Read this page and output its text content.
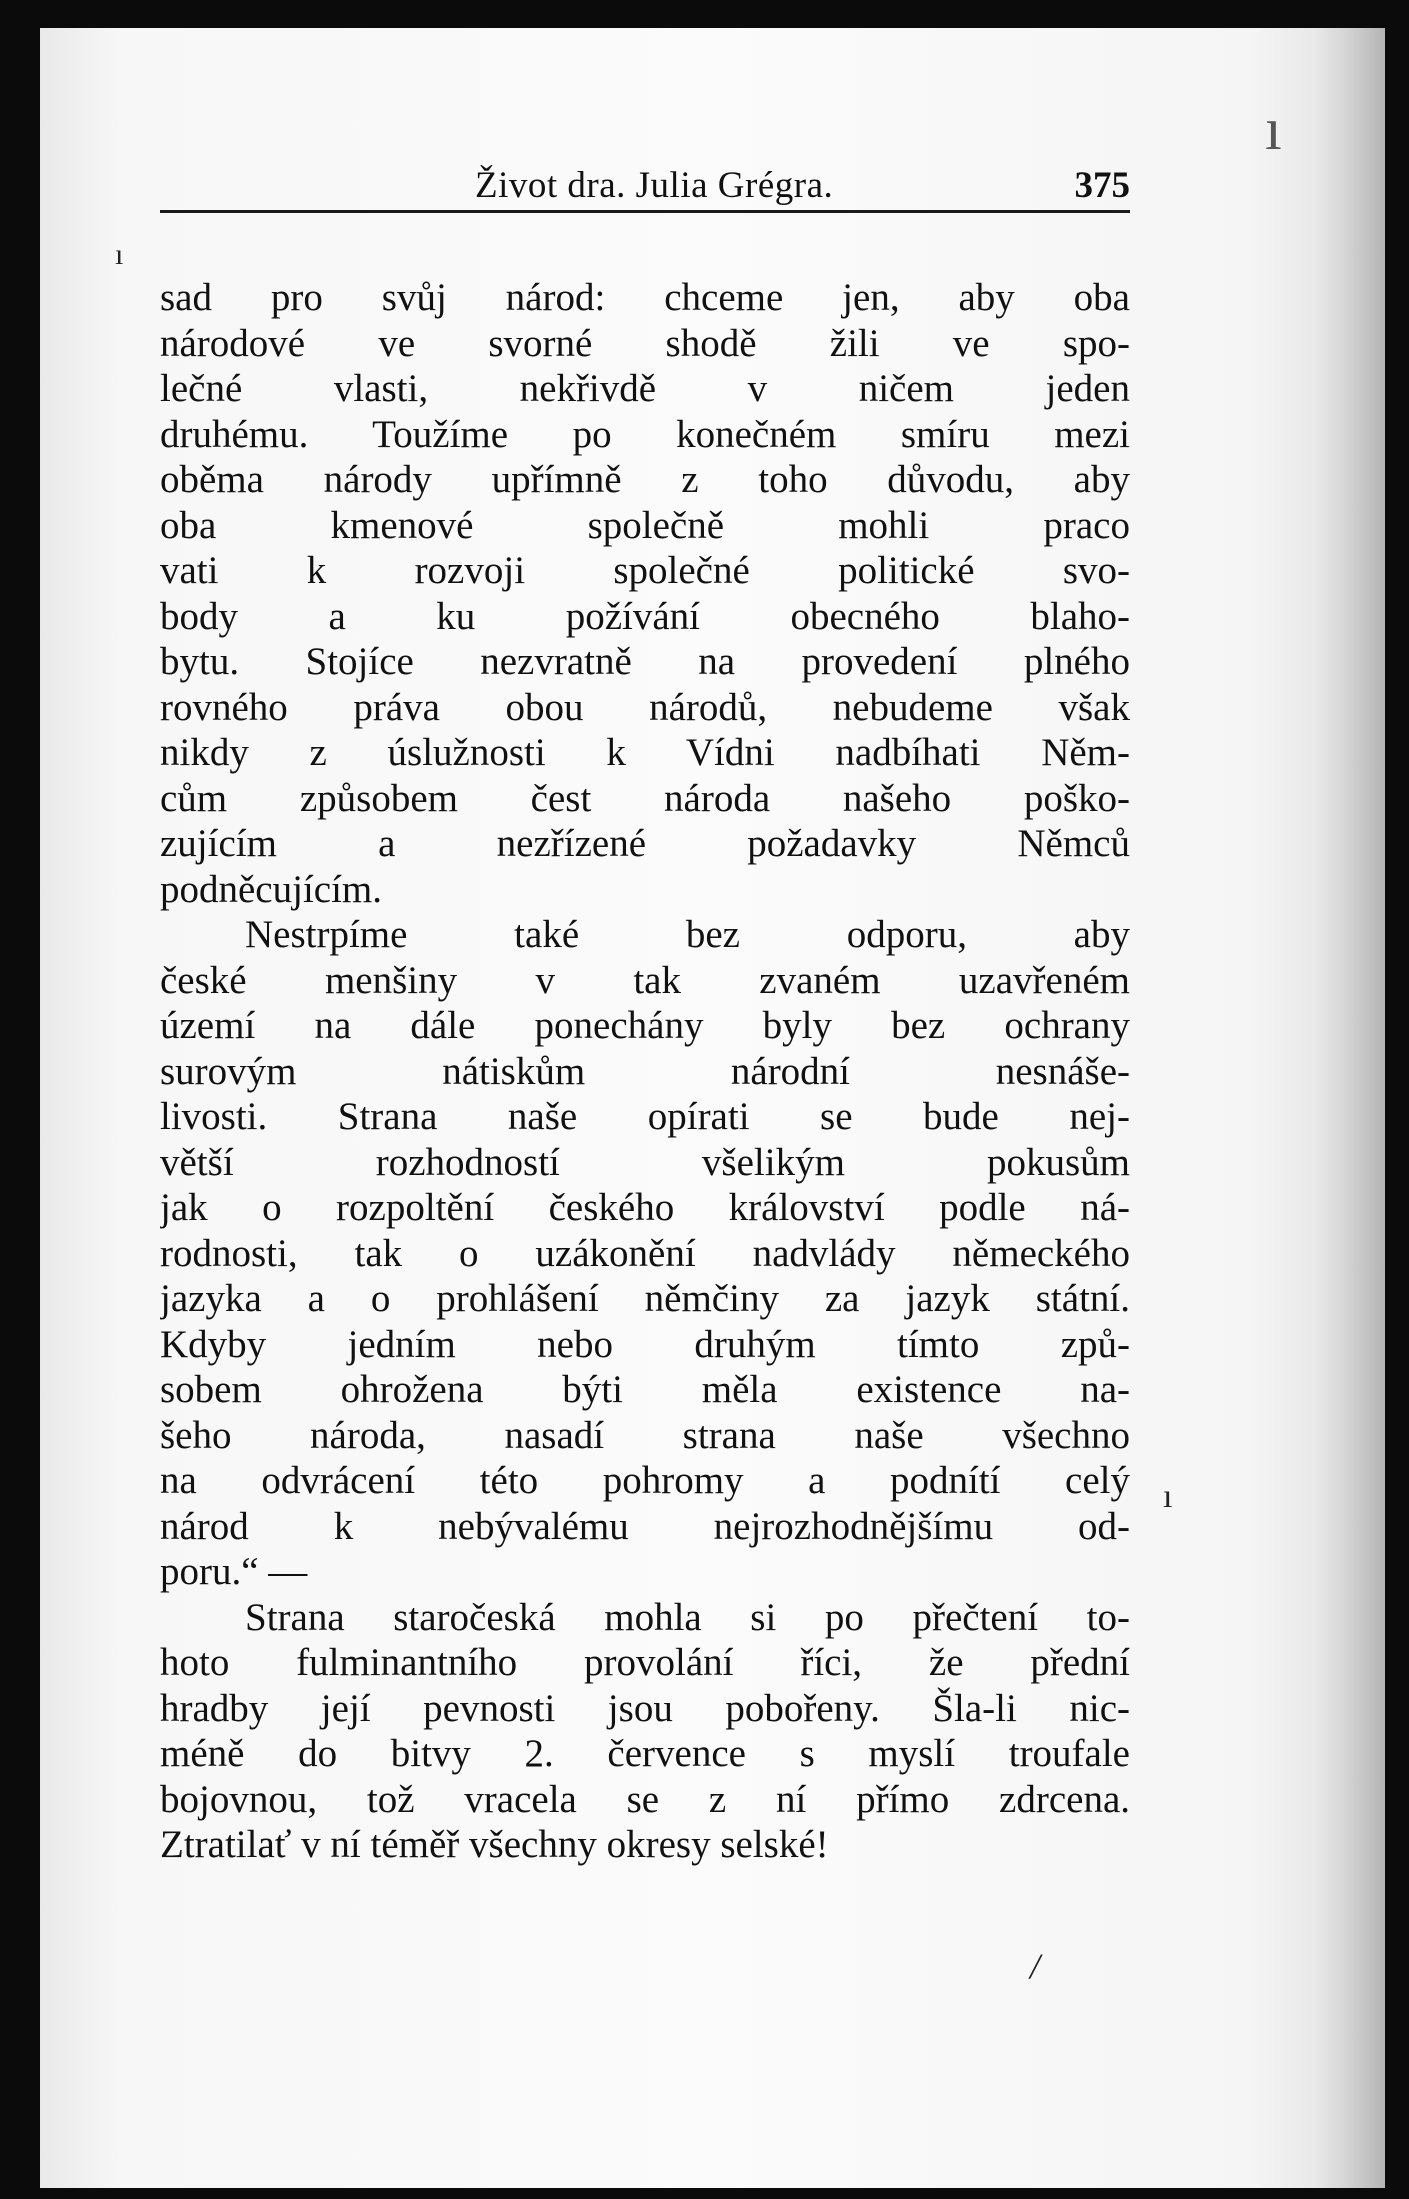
Život dra. Julia Grégra.	375
sad pro svůj národ: chceme jen, aby oba
národové ve svorné shodě žili ve spo-
lečné vlasti, nekřivdě v ničem jeden
druhému. Toužíme po konečném smíru mezi
oběma národy upřímně z toho důvodu, aby
oba kmenové společně mohli praco
vati k rozvoji společné politické svo-
body a ku požívání obecného blaho-
bytu. Stojíce nezvratně na provedení plného
rovného práva obou národů, nebudeme však
nikdy z úslužnosti k Vídni nadbíhati Něm-
cům způsobem čest národa našeho poško-
zujícím a nezřízené požadavky Němců
podněcujícím.
Nestrpíme také bez odporu, aby
české menšiny v tak zvaném uzavřeném
území na dále ponechány byly bez ochrany
surovým nátiskům národní nesnáše-
livosti. Strana naše opírati se bude nej-
větší rozhodností všelikým pokusům
jak o rozpoltění českého království podle ná-
rodnosti, tak o uzákonění nadvlády německého
jazyka a o prohlášení němčiny za jazyk státní.
Kdyby jedním nebo druhým tímto způ-
sobem ohrožena býti měla existence na-
šeho národa, nasadí strana naše všechno
na odvrácení této pohromy a podnítí celý
národ k nebývalému nejrozhodnějšímu od-
poru.“ —
Strana staročeská mohla si po přečtení to-
hoto fulminantního provolání říci, že přední
hradby její pevnosti jsou pobořeny. Šla-li nic-
méně do bitvy 2. července s myslí troufale
bojovnou, tož vracela se z ní přímo zdrcena.
Ztratilať v ní téměř všechny okresy selské!
ı
ı
/
ı
